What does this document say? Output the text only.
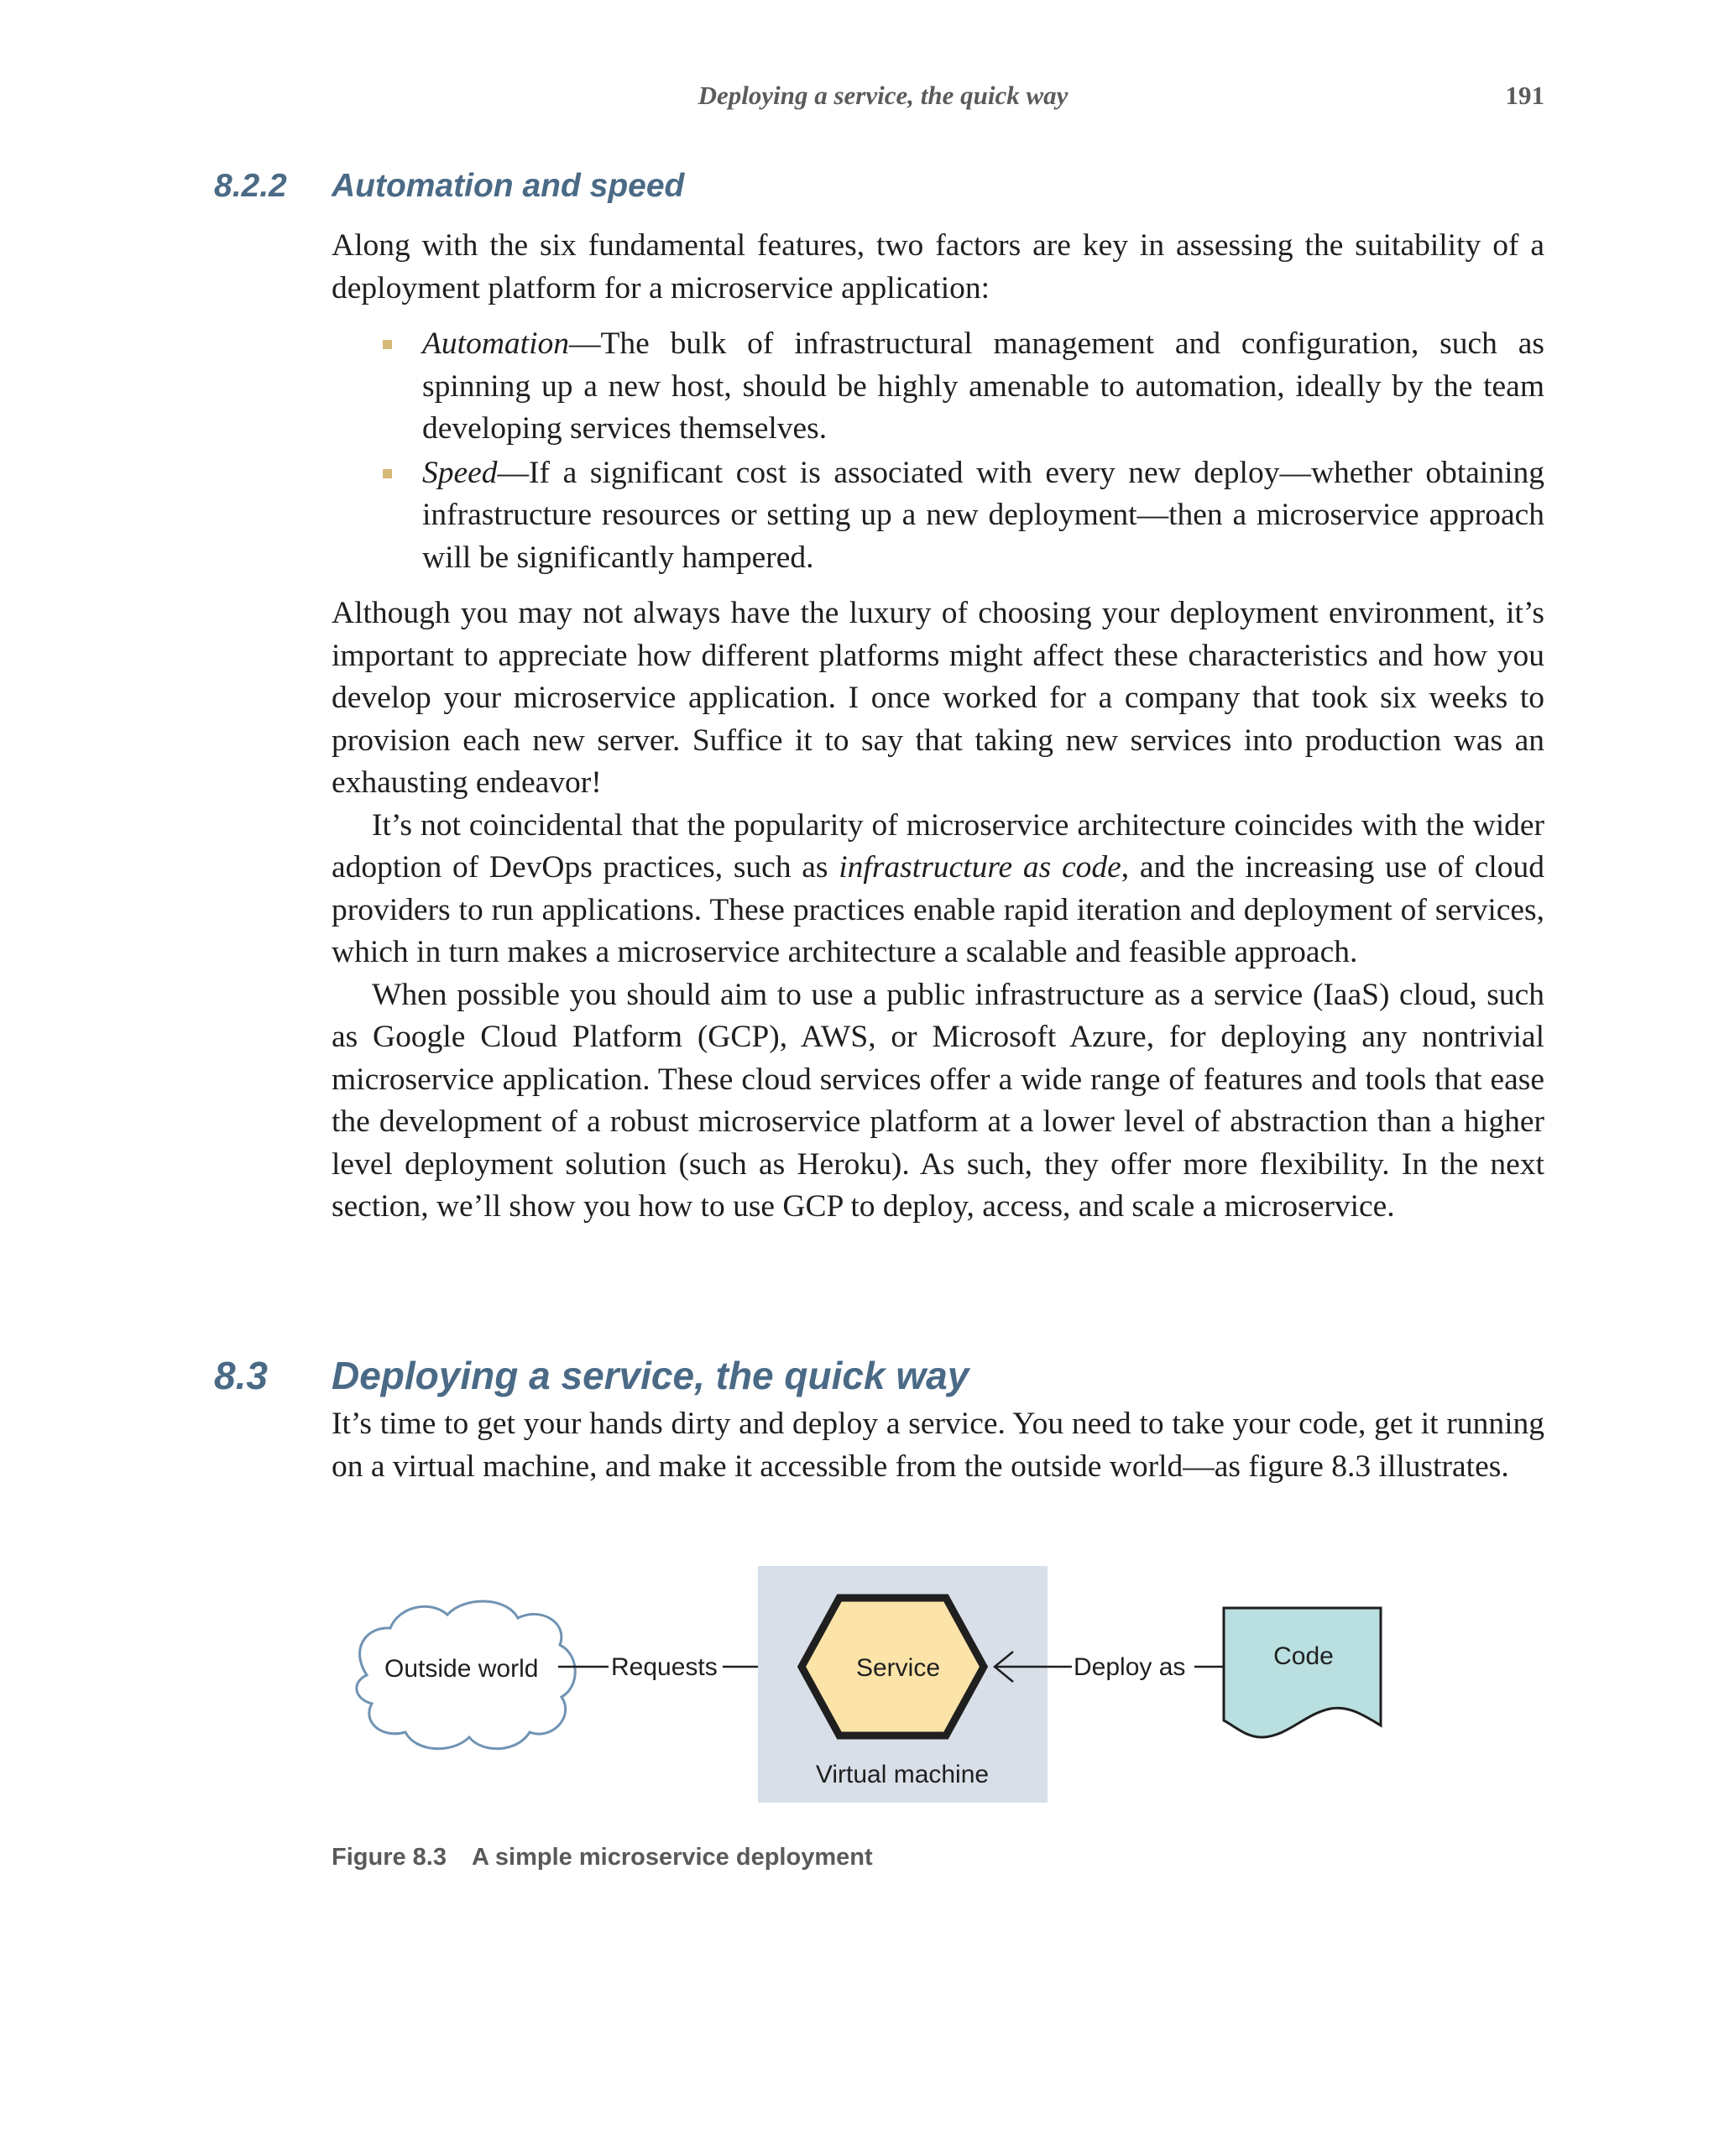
Deploying a service, the quick way	191
8.2.2 Automation and speed

Along with the six fundamental features, two factors are key in assessing the suitability of a deployment platform for a microservice application:

Automation—The bulk of infrastructural management and configuration, such as spinning up a new host, should be highly amenable to automation, ideally by the team developing services themselves.
Speed—If a significant cost is associated with every new deploy—whether obtaining infrastructure resources or setting up a new deployment—then a microservice approach will be significantly hampered.

Although you may not always have the luxury of choosing your deployment environment, it’s important to appreciate how different platforms might affect these characteristics and how you develop your microservice application. I once worked for a company that took six weeks to provision each new server. Suffice it to say that taking new services into production was an exhausting endeavor!

It’s not coincidental that the popularity of microservice architecture coincides with the wider adoption of DevOps practices, such as infrastructure as code, and the increasing use of cloud providers to run applications. These practices enable rapid iteration and deployment of services, which in turn makes a microservice architecture a scalable and feasible approach.

When possible you should aim to use a public infrastructure as a service (IaaS) cloud, such as Google Cloud Platform (GCP), AWS, or Microsoft Azure, for deploying any nontrivial microservice application. These cloud services offer a wide range of features and tools that ease the development of a robust microservice platform at a lower level of abstraction than a higher level deployment solution (such as Heroku). As such, they offer more flexibility. In the next section, we’ll show you how to use GCP to deploy, access, and scale a microservice.

8.3 Deploying a service, the quick way

It’s time to get your hands dirty and deploy a service. You need to take your code, get it running on a virtual machine, and make it accessible from the outside world—as figure 8.3 illustrates.

Outside world	Requests
Virtual machine
Service	Deploy as	Code
Figure 8.3 A simple microservice deployment
